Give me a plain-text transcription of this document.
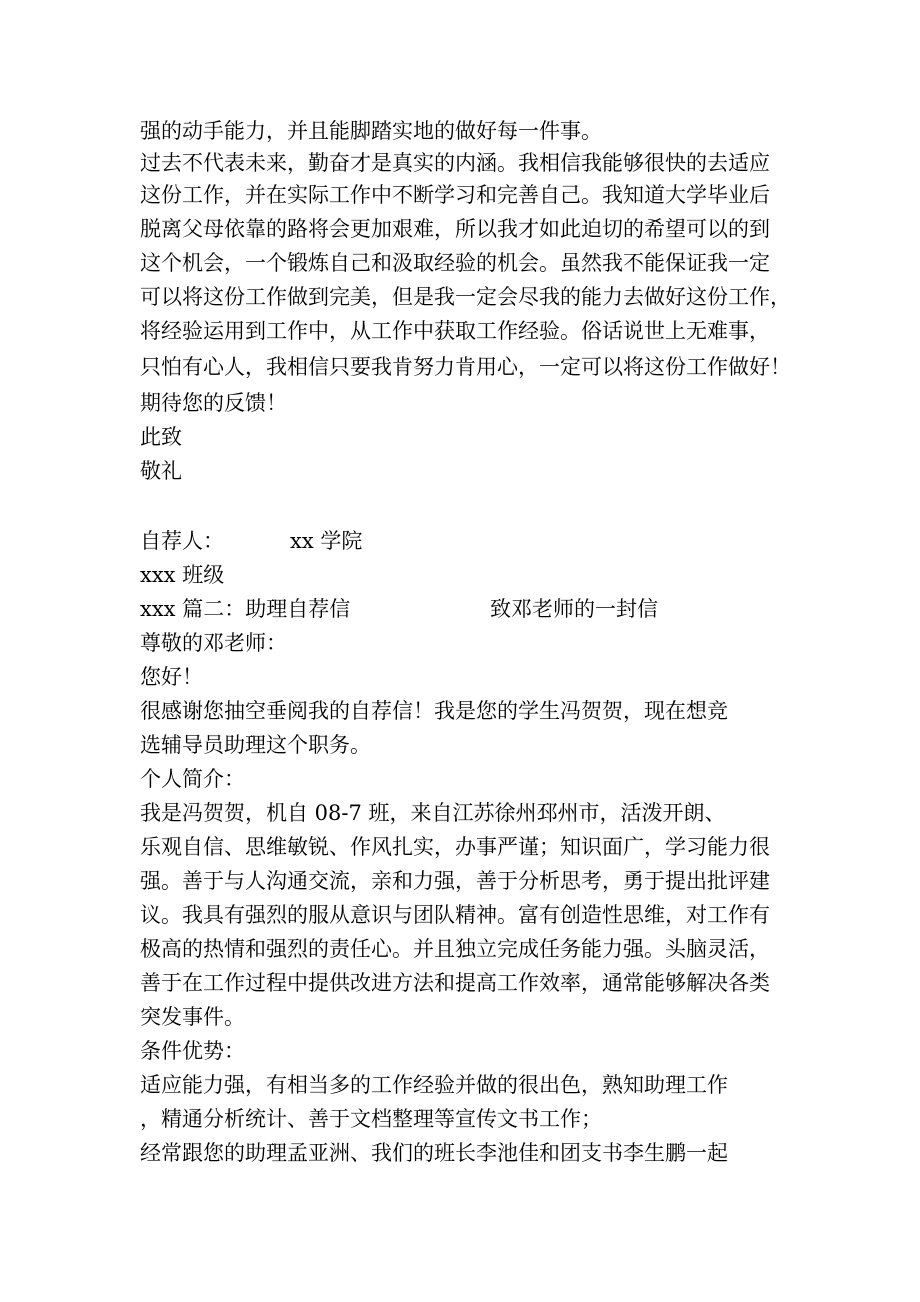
强的动手能力，并且能脚踏实地的做好每一件事。
过去不代表未来，勤奋才是真实的内涵。我相信我能够很快的去适应
这份工作，并在实际工作中不断学习和完善自己。我知道大学毕业后
脱离父母依靠的路将会更加艰难，所以我才如此迫切的希望可以的到
这个机会，一个锻炼自己和汲取经验的机会。虽然我不能保证我一定
可以将这份工作做到完美，但是我一定会尽我的能力去做好这份工作，
将经验运用到工作中，从工作中获取工作经验。俗话说世上无难事，
只怕有心人，我相信只要我肯努力肯用心，一定可以将这份工作做好！
期待您的反馈！
此致
敬礼
自荐人：	xx 学院
xxx 班级
xxx 篇二：助理自荐信	致邓老师的一封信
尊敬的邓老师：
您好！
很感谢您抽空垂阅我的自荐信！我是您的学生冯贺贺，现在想竞
选辅导员助理这个职务。
个人简介：
我是冯贺贺，机自 08-7 班，来自江苏徐州邳州市，活泼开朗、
乐观自信、思维敏锐、作风扎实，办事严谨；知识面广，学习能力很
强。善于与人沟通交流，亲和力强，善于分析思考，勇于提出批评建
议。我具有强烈的服从意识与团队精神。富有创造性思维，对工作有
极高的热情和强烈的责任心。并且独立完成任务能力强。头脑灵活，
善于在工作过程中提供改进方法和提高工作效率，通常能够解决各类
突发事件。
条件优势：
适应能力强，有相当多的工作经验并做的很出色，熟知助理工作
，精通分析统计、善于文档整理等宣传文书工作；
经常跟您的助理孟亚洲、我们的班长李池佳和团支书李生鹏一起
